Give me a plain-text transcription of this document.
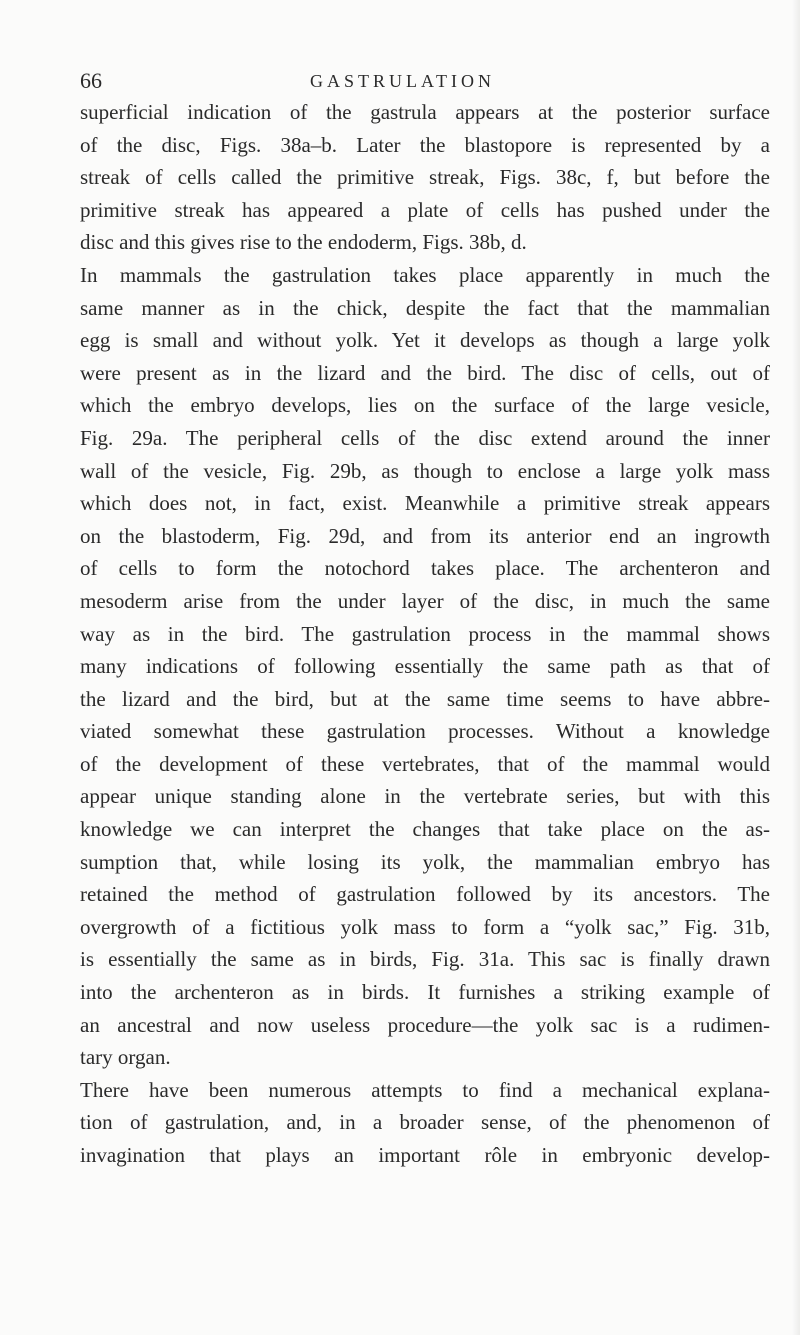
66	GASTRULATION
superficial indication of the gastrula appears at the posterior surface
of the disc, Figs. 38a–b. Later the blastopore is represented by a
streak of cells called the primitive streak, Figs. 38c, f, but before the
primitive streak has appeared a plate of cells has pushed under the
disc and this gives rise to the endoderm, Figs. 38b, d.
In mammals the gastrulation takes place apparently in much the
same manner as in the chick, despite the fact that the mammalian
egg is small and without yolk. Yet it develops as though a large yolk
were present as in the lizard and the bird. The disc of cells, out of
which the embryo develops, lies on the surface of the large vesicle,
Fig. 29a. The peripheral cells of the disc extend around the inner
wall of the vesicle, Fig. 29b, as though to enclose a large yolk mass
which does not, in fact, exist. Meanwhile a primitive streak appears
on the blastoderm, Fig. 29d, and from its anterior end an ingrowth
of cells to form the notochord takes place. The archenteron and
mesoderm arise from the under layer of the disc, in much the same
way as in the bird. The gastrulation process in the mammal shows
many indications of following essentially the same path as that of
the lizard and the bird, but at the same time seems to have abbre-
viated somewhat these gastrulation processes. Without a knowledge
of the development of these vertebrates, that of the mammal would
appear unique standing alone in the vertebrate series, but with this
knowledge we can interpret the changes that take place on the as-
sumption that, while losing its yolk, the mammalian embryo has
retained the method of gastrulation followed by its ancestors. The
overgrowth of a fictitious yolk mass to form a “yolk sac,” Fig. 31b,
is essentially the same as in birds, Fig. 31a. This sac is finally drawn
into the archenteron as in birds. It furnishes a striking example of
an ancestral and now useless procedure—the yolk sac is a rudimen-
tary organ.
There have been numerous attempts to find a mechanical explana-
tion of gastrulation, and, in a broader sense, of the phenomenon of
invagination that plays an important rôle in embryonic develop-
